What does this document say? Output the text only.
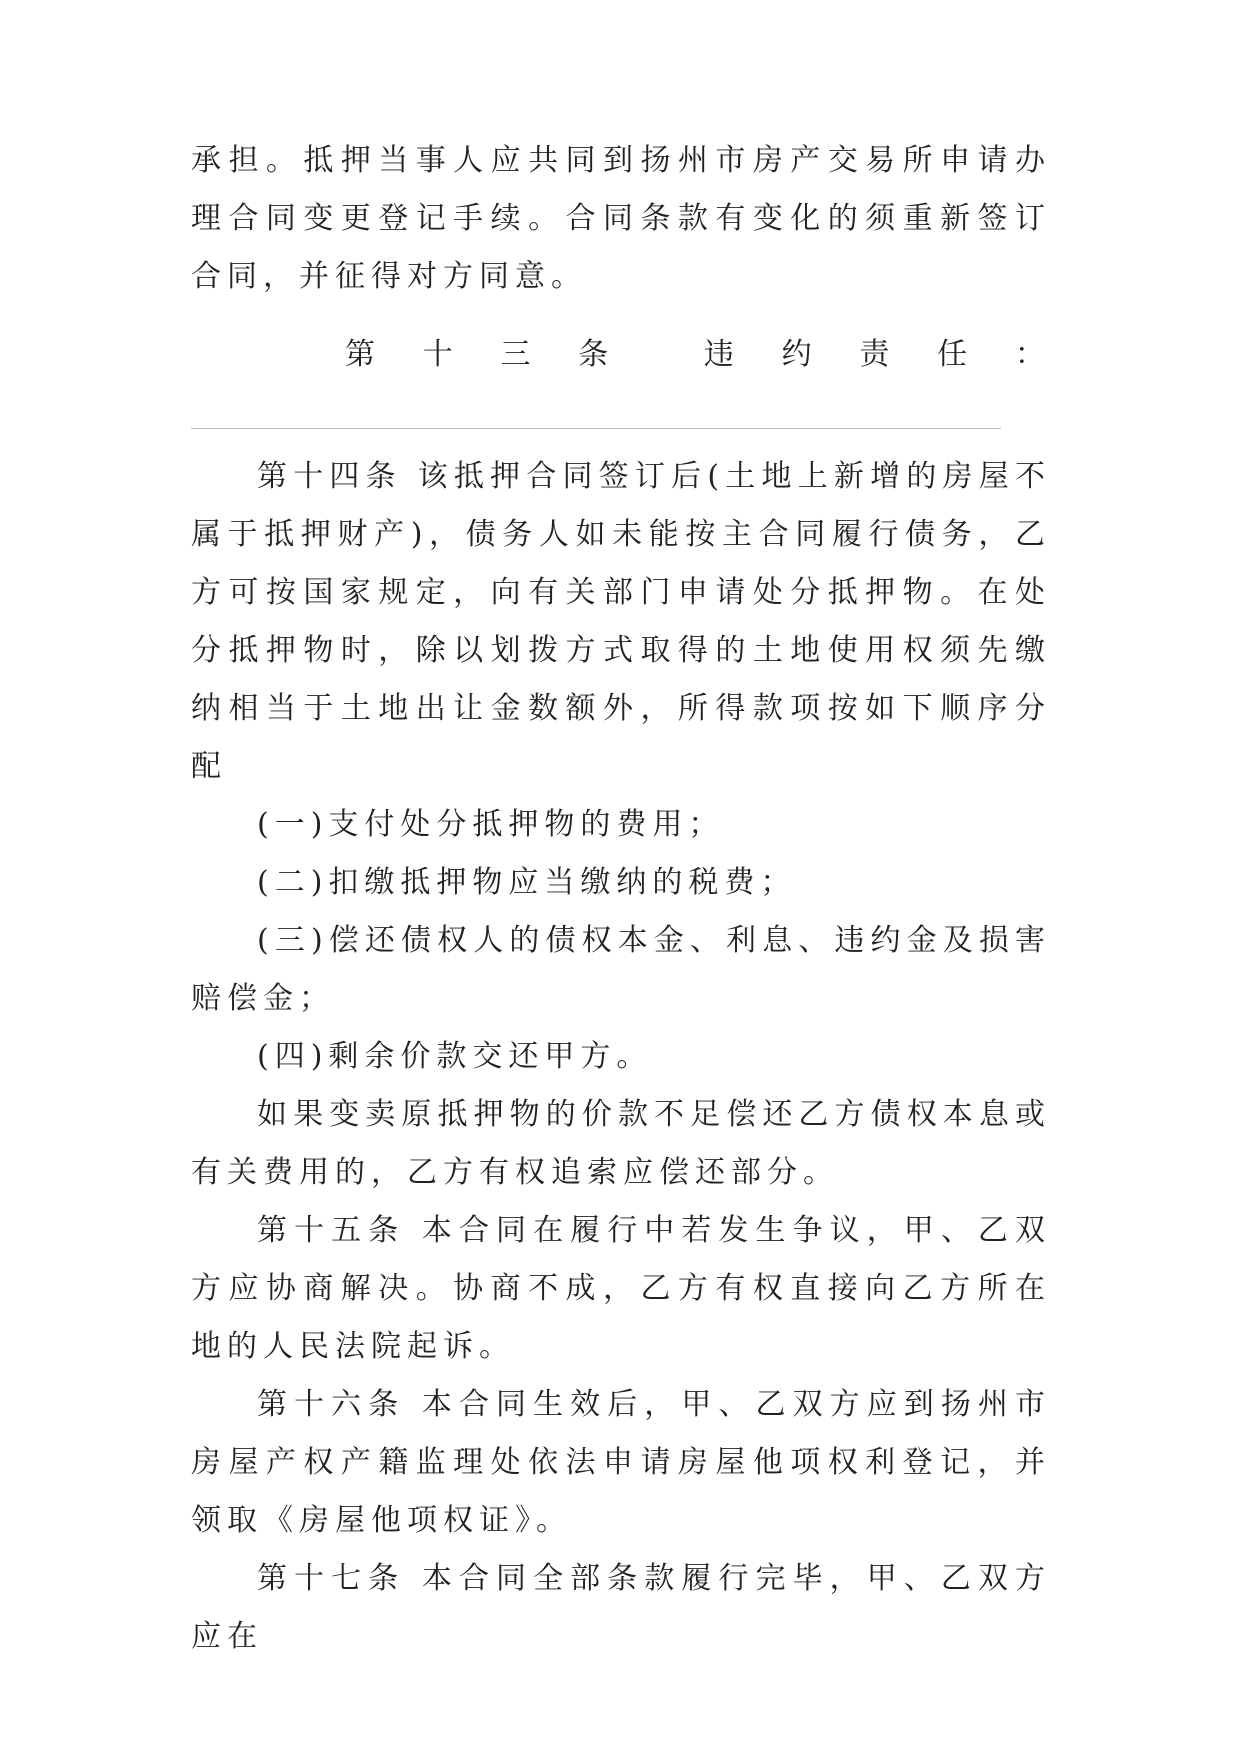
承担。抵押当事人应共同到扬州市房产交易所申请办理合同变更登记手续。合同条款有变化的须重新签订合同，并征得对方同意。

第 十 三 条	违 约 责 任 ：

第十四条 该抵押合同签订后(土地上新增的房屋不属于抵押财产)，债务人如未能按主合同履行债务，乙方可按国家规定，向有关部门申请处分抵押物。在处分抵押物时，除以划拨方式取得的土地使用权须先缴纳相当于土地出让金数额外，所得款项按如下顺序分配

(一)支付处分抵押物的费用；

(二)扣缴抵押物应当缴纳的税费；

(三)偿还债权人的债权本金、利息、违约金及损害赔偿金；

(四)剩余价款交还甲方。

如果变卖原抵押物的价款不足偿还乙方债权本息或有关费用的，乙方有权追索应偿还部分。

第十五条 本合同在履行中若发生争议，甲、乙双方应协商解决。协商不成，乙方有权直接向乙方所在地的人民法院起诉。

第十六条 本合同生效后，甲、乙双方应到扬州市房屋产权产籍监理处依法申请房屋他项权利登记，并领取《房屋他项权证》。

第十七条 本合同全部条款履行完毕，甲、乙双方应在
